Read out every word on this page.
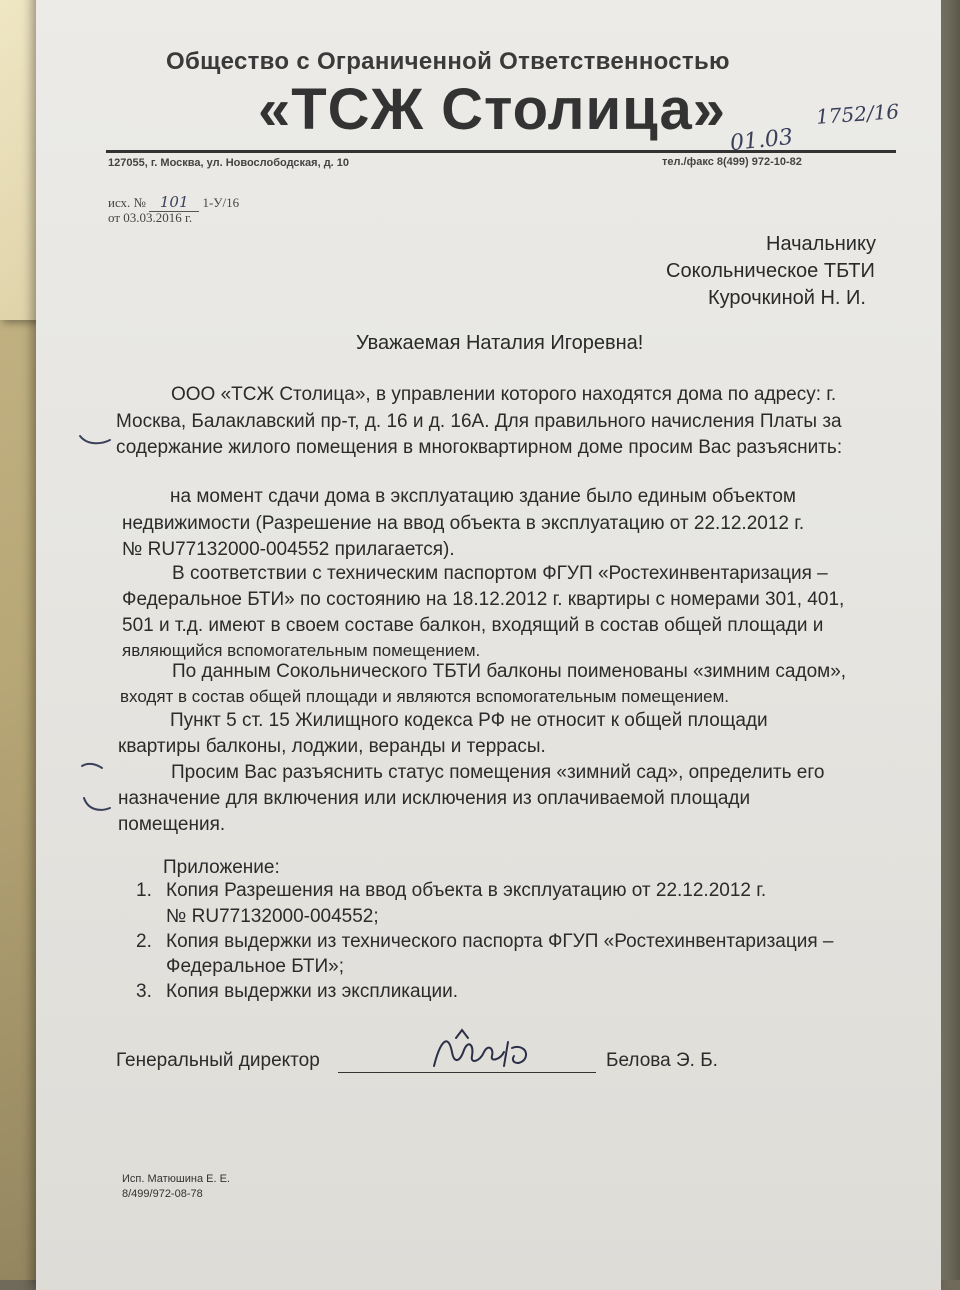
Общество с Ограниченной Ответственностью
«ТСЖ Столица»
127055, г. Москва, ул. Новослободская, д. 10	тел./факс 8(499) 972-10-82
01.03
1752/16
исх. № 101 1-У/16
от 03.03.2016 г.
Начальнику
Сокольническое ТБТИ
Курочкиной Н. И.
Уважаемая Наталия Игоревна!
ООО «ТСЖ Столица», в управлении которого находятся дома по адресу: г.
Москва, Балаклавский пр-т, д. 16 и д. 16А. Для правильного начисления Платы за
содержание жилого помещения в многоквартирном доме просим Вас разъяснить:
на момент сдачи дома в эксплуатацию здание было единым объектом
недвижимости (Разрешение на ввод объекта в эксплуатацию от 22.12.2012 г.
№ RU77132000-004552 прилагается).
В соответствии с техническим паспортом ФГУП «Ростехинвентаризация –
Федеральное БТИ» по состоянию на 18.12.2012 г. квартиры с номерами 301, 401,
501 и т.д. имеют в своем составе балкон, входящий в состав общей площади и
являющийся вспомогательным помещением.
По данным Сокольнического ТБТИ балконы поименованы «зимним садом»,
входят в состав общей площади и являются вспомогательным помещением.
Пункт 5 ст. 15 Жилищного кодекса РФ не относит к общей площади
квартиры балконы, лоджии, веранды и террасы.
Просим Вас разъяснить статус помещения «зимний сад», определить его
назначение для включения или исключения из оплачиваемой площади
помещения.
Приложение:
1. Копия Разрешения на ввод объекта в эксплуатацию от 22.12.2012 г.
№ RU77132000-004552;
2. Копия выдержки из технического паспорта ФГУП «Ростехинвентаризация –
Федеральное БТИ»;
3. Копия выдержки из экспликации.
Генеральный директор	Белова Э. Б.
Исп. Матюшина Е. Е.
8/499/972-08-78
